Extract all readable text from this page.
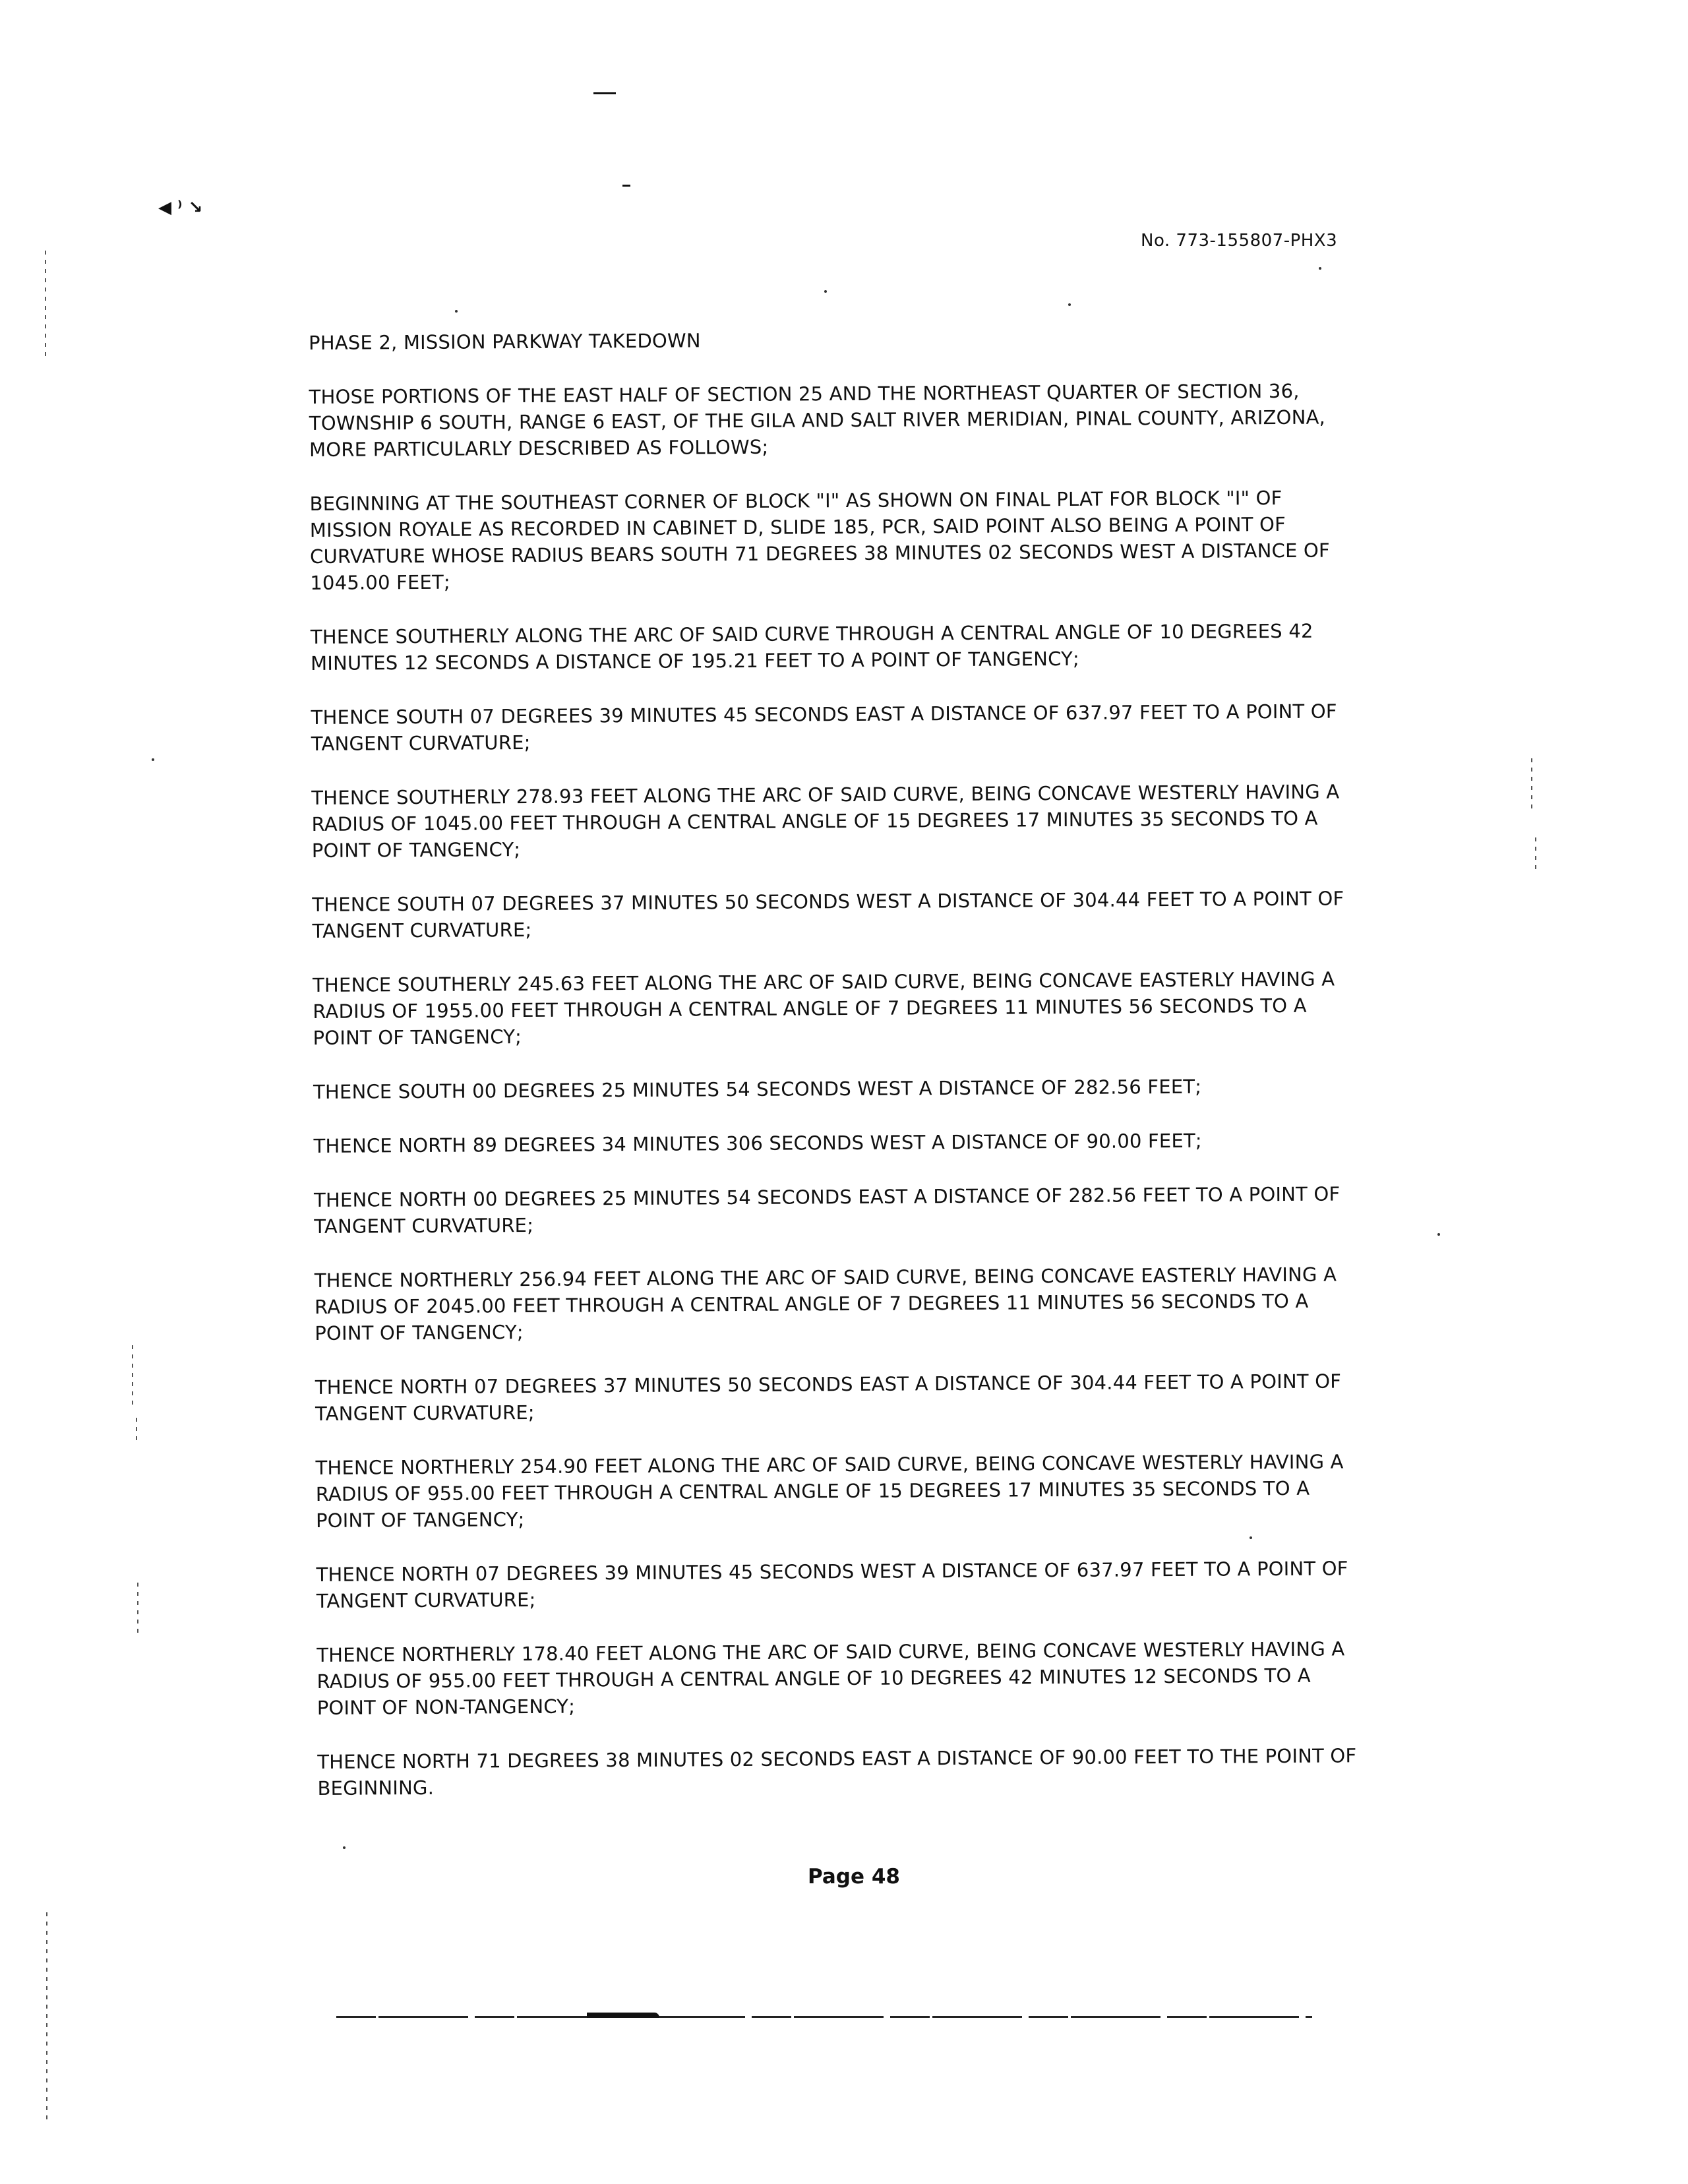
◀ ⁾ ↘
No. 773-155807-PHX3
PHASE 2, MISSION PARKWAY TAKEDOWN

THOSE PORTIONS OF THE EAST HALF OF SECTION 25 AND THE NORTHEAST QUARTER OF SECTION 36, TOWNSHIP 6 SOUTH, RANGE 6 EAST, OF THE GILA AND SALT RIVER MERIDIAN, PINAL COUNTY, ARIZONA, MORE PARTICULARLY DESCRIBED AS FOLLOWS;

BEGINNING AT THE SOUTHEAST CORNER OF BLOCK "I" AS SHOWN ON FINAL PLAT FOR BLOCK "I" OF MISSION ROYALE AS RECORDED IN CABINET D, SLIDE 185, PCR, SAID POINT ALSO BEING A POINT OF CURVATURE WHOSE RADIUS BEARS SOUTH 71 DEGREES 38 MINUTES 02 SECONDS WEST A DISTANCE OF 1045.00 FEET;

THENCE SOUTHERLY ALONG THE ARC OF SAID CURVE THROUGH A CENTRAL ANGLE OF 10 DEGREES 42 MINUTES 12 SECONDS A DISTANCE OF 195.21 FEET TO A POINT OF TANGENCY;

THENCE SOUTH 07 DEGREES 39 MINUTES 45 SECONDS EAST A DISTANCE OF 637.97 FEET TO A POINT OF TANGENT CURVATURE;

THENCE SOUTHERLY 278.93 FEET ALONG THE ARC OF SAID CURVE, BEING CONCAVE WESTERLY HAVING A RADIUS OF 1045.00 FEET THROUGH A CENTRAL ANGLE OF 15 DEGREES 17 MINUTES 35 SECONDS TO A POINT OF TANGENCY;

THENCE SOUTH 07 DEGREES 37 MINUTES 50 SECONDS WEST A DISTANCE OF 304.44 FEET TO A POINT OF TANGENT CURVATURE;

THENCE SOUTHERLY 245.63 FEET ALONG THE ARC OF SAID CURVE, BEING CONCAVE EASTERLY HAVING A RADIUS OF 1955.00 FEET THROUGH A CENTRAL ANGLE OF 7 DEGREES 11 MINUTES 56 SECONDS TO A POINT OF TANGENCY;

THENCE SOUTH 00 DEGREES 25 MINUTES 54 SECONDS WEST A DISTANCE OF 282.56 FEET;

THENCE NORTH 89 DEGREES 34 MINUTES 306 SECONDS WEST A DISTANCE OF 90.00 FEET;

THENCE NORTH 00 DEGREES 25 MINUTES 54 SECONDS EAST A DISTANCE OF 282.56 FEET TO A POINT OF TANGENT CURVATURE;

THENCE NORTHERLY 256.94 FEET ALONG THE ARC OF SAID CURVE, BEING CONCAVE EASTERLY HAVING A RADIUS OF 2045.00 FEET THROUGH A CENTRAL ANGLE OF 7 DEGREES 11 MINUTES 56 SECONDS TO A POINT OF TANGENCY;

THENCE NORTH 07 DEGREES 37 MINUTES 50 SECONDS EAST A DISTANCE OF 304.44 FEET TO A POINT OF TANGENT CURVATURE;

THENCE NORTHERLY 254.90 FEET ALONG THE ARC OF SAID CURVE, BEING CONCAVE WESTERLY HAVING A RADIUS OF 955.00 FEET THROUGH A CENTRAL ANGLE OF 15 DEGREES 17 MINUTES 35 SECONDS TO A POINT OF TANGENCY;

THENCE NORTH 07 DEGREES 39 MINUTES 45 SECONDS WEST A DISTANCE OF 637.97 FEET TO A POINT OF TANGENT CURVATURE;

THENCE NORTHERLY 178.40 FEET ALONG THE ARC OF SAID CURVE, BEING CONCAVE WESTERLY HAVING A RADIUS OF 955.00 FEET THROUGH A CENTRAL ANGLE OF 10 DEGREES 42 MINUTES 12 SECONDS TO A POINT OF NON-TANGENCY;

THENCE NORTH 71 DEGREES 38 MINUTES 02 SECONDS EAST A DISTANCE OF 90.00 FEET TO THE POINT OF BEGINNING.

Page 48
